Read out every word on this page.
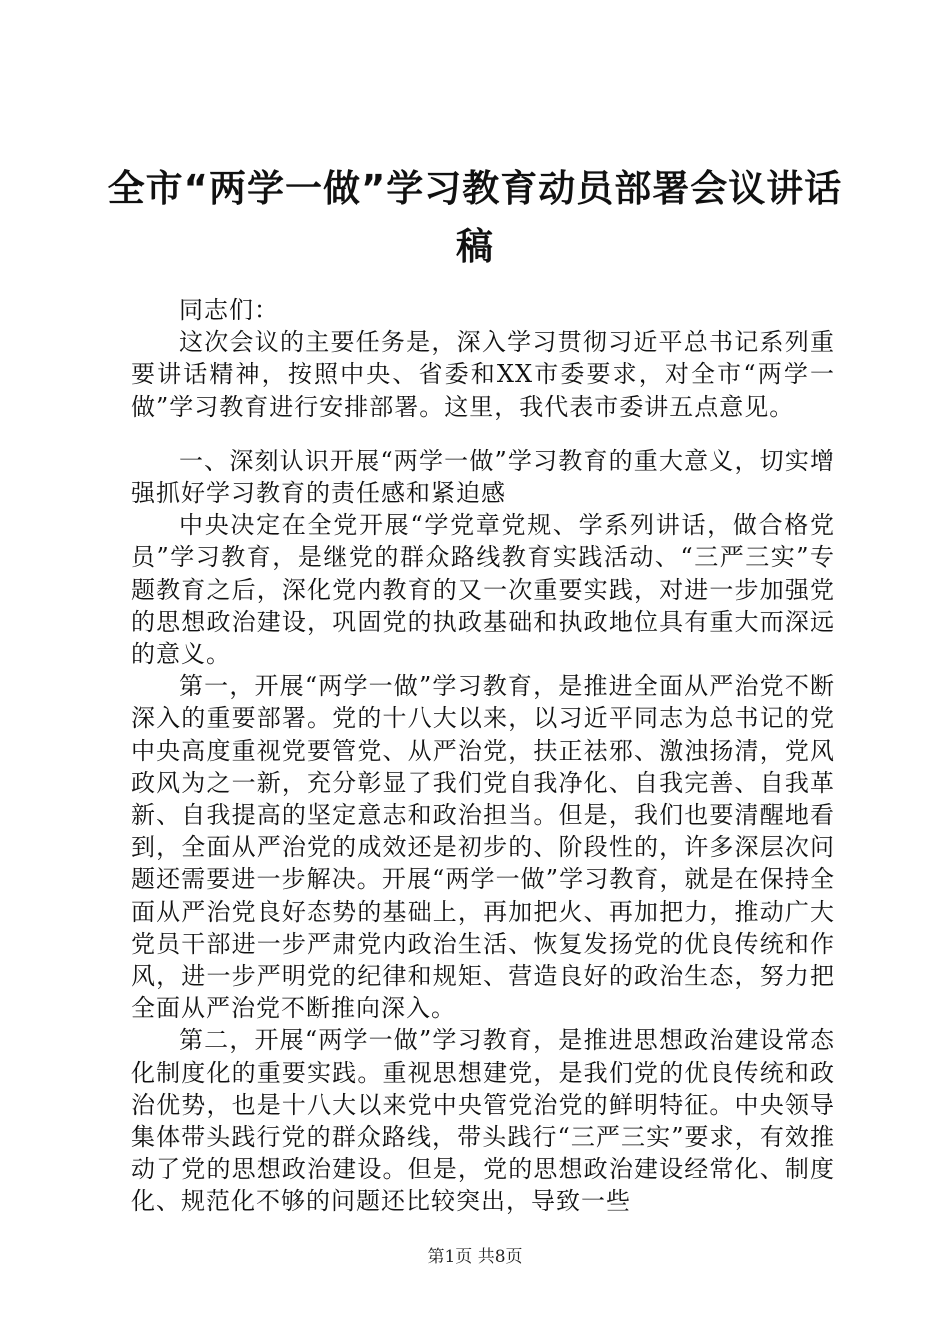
全市“两学一做”学习教育动员部署会议讲话稿

同志们：

这次会议的主要任务是，深入学习贯彻习近平总书记系列重要讲话精神，按照中央、省委和XX市委要求，对全市“两学一做”学习教育进行安排部署。这里，我代表市委讲五点意见。

一、深刻认识开展“两学一做”学习教育的重大意义，切实增强抓好学习教育的责任感和紧迫感

中央决定在全党开展“学党章党规、学系列讲话，做合格党员”学习教育，是继党的群众路线教育实践活动、“三严三实”专题教育之后，深化党内教育的又一次重要实践，对进一步加强党的思想政治建设，巩固党的执政基础和执政地位具有重大而深远的意义。

第一，开展“两学一做”学习教育，是推进全面从严治党不断深入的重要部署。党的十八大以来，以习近平同志为总书记的党中央高度重视党要管党、从严治党，扶正祛邪、激浊扬清，党风政风为之一新，充分彰显了我们党自我净化、自我完善、自我革新、自我提高的坚定意志和政治担当。但是，我们也要清醒地看到，全面从严治党的成效还是初步的、阶段性的，许多深层次问题还需要进一步解决。开展“两学一做”学习教育，就是在保持全面从严治党良好态势的基础上，再加把火、再加把力，推动广大党员干部进一步严肃党内政治生活、恢复发扬党的优良传统和作风，进一步严明党的纪律和规矩、营造良好的政治生态，努力把全面从严治党不断推向深入。

第二，开展“两学一做”学习教育，是推进思想政治建设常态化制度化的重要实践。重视思想建党，是我们党的优良传统和政治优势，也是十八大以来党中央管党治党的鲜明特征。中央领导集体带头践行党的群众路线，带头践行“三严三实”要求，有效推动了党的思想政治建设。但是，党的思想政治建设经常化、制度化、规范化不够的问题还比较突出，导致一些

第1页 共8页
